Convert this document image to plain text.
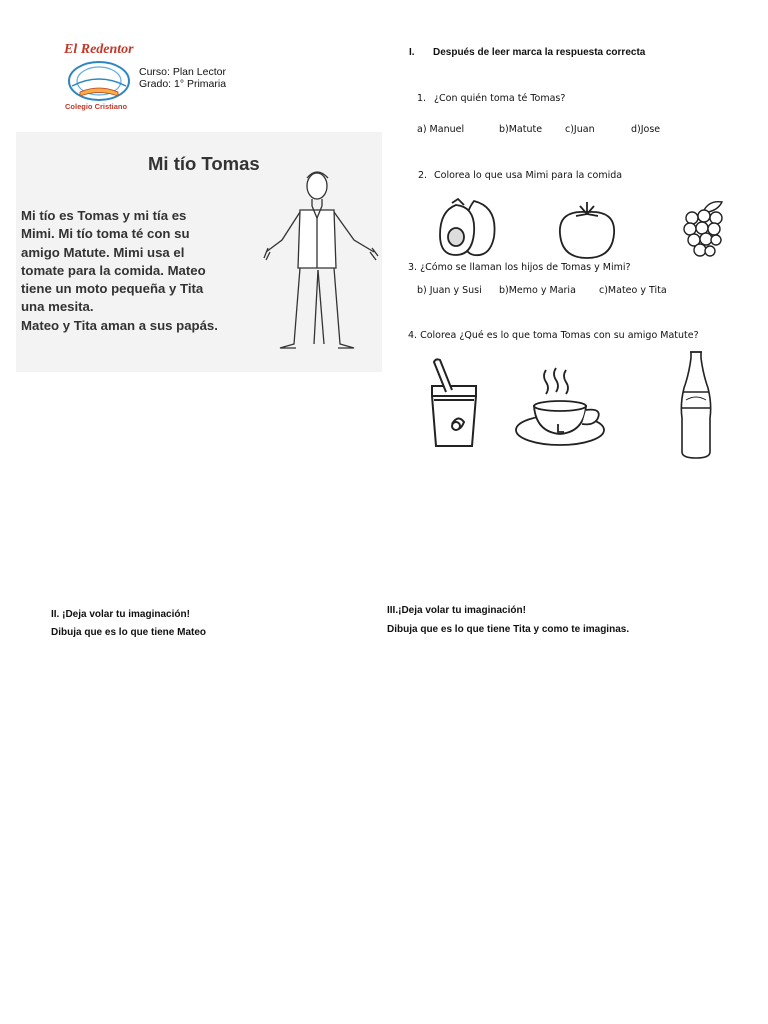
El Redentor
Colegio Cristiano
Curso: Plan Lector
Grado: 1° Primaria
Mi tío Tomas
Mi tío es Tomas y mi tía es
Mimi. Mi tío toma té con su
amigo Matute. Mimi usa el
tomate para la comida. Mateo
tiene un moto pequeña y Tita
una mesita.
Mateo y Tita aman a sus papás.
I. Después de leer marca la respuesta correcta
1. ¿Con quién toma té Tomas?
a) Manuel	b)Matute c)Juan	d)Jose
2. Colorea lo que usa Mimi para la comida
3. ¿Cómo se llaman los hijos de Tomas y Mimi?
b) Juan y Susi b)Memo y Maria c)Mateo y Tita
4. Colorea ¿Qué es lo que toma Tomas con su amigo Matute?
II. ¡Deja volar tu imaginación!
Dibuja que es lo que tiene Mateo
III.¡Deja volar tu imaginación!
Dibuja que es lo que tiene Tita y como te imaginas.
